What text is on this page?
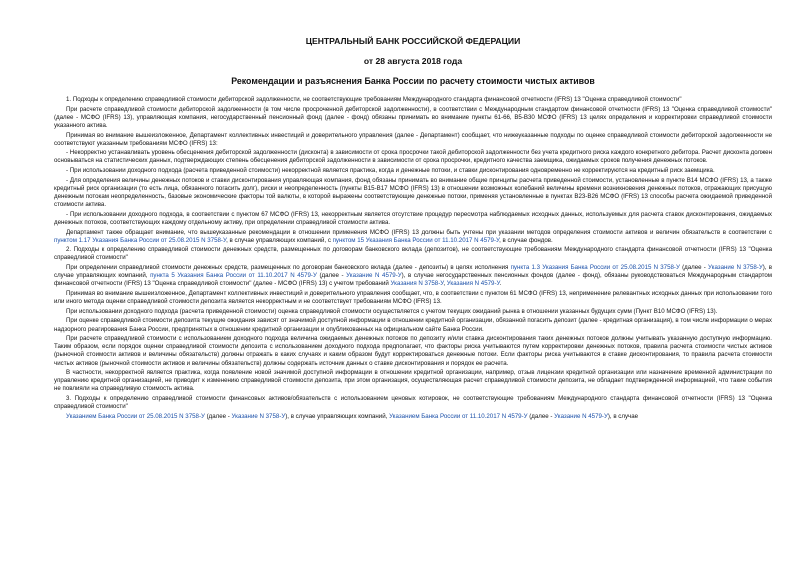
ЦЕНТРАЛЬНЫЙ БАНК РОССИЙСКОЙ ФЕДЕРАЦИИ
от 28 августа 2018 года
Рекомендации и разъяснения Банка России по расчету стоимости чистых активов

1. Подходы к определению справедливой стоимости дебиторской задолженности, не соответствующие требованиям Международного стандарта финансовой отчетности (IFRS) 13 "Оценка справедливой стоимости"

При расчете справедливой стоимости дебиторской задолженности (в том числе просроченной дебиторской задолженности), в соответствии с Международным стандартом финансовой отчетности (IFRS) 13 "Оценка справедливой стоимости" (далее - МСФО (IFRS) 13), управляющая компания, негосударственный пенсионный фонд (далее - фонд) обязаны принимать во внимание пункты 61-66, B5-B30 МСФО (IFRS) 13 целях определения и корректировки справедливой стоимости указанного актива.

Принимая во внимание вышеизложенное, Департамент коллективных инвестиций и доверительного управления (далее - Департамент) сообщает, что нижеуказанные подходы по оценке справедливой стоимости дебиторской задолженности не соответствуют указанным требованиям МСФО (IFRS) 13:

- Некорректно устанавливать уровень обесценения дебиторской задолженности (дисконта) в зависимости от срока просрочки такой дебиторской задолженности без учета кредитного риска каждого конкретного дебитора. Расчет дисконта должен основываться на статистических данных, подтверждающих степень обесценения дебиторской задолженности в зависимости от срока просрочки, кредитного качества заемщика, ожидаемых сроков получения денежных потоков.

- При использовании доходного подхода (расчета приведенной стоимости) некорректной является практика, когда и денежные потоки, и ставки дисконтирования одновременно не корректируются на кредитный риск заемщика.

- Для определения величины денежных потоков и ставки дисконтирования управляющая компания, фонд обязаны принимать во внимание общие принципы расчета приведенной стоимости, установленные в пункте B14 МСФО (IFRS) 13, а также кредитный риск организации (то есть лица, обязанного погасить долг), риски и неопределенность (пункты B15-B17 МСФО (IFRS) 13) в отношении возможных колебаний величины времени возникновения денежных потоков, отражающих присущую денежным потокам неопределенность, базовые экономические факторы той валюты, в которой выражены соответствующие денежные потоки, применяя установленные в пунктах B23-B26 МСФО (IFRS) 13 способы расчета ожидаемой приведенной стоимости актива.

- При использовании доходного подхода, в соответствии с пунктом 67 МСФО (IFRS) 13, некорректным является отсутствие процедур пересмотра наблюдаемых исходных данных, используемых для расчета ставок дисконтирования, ожидаемых денежных потоков, соответствующих каждому отдельному активу, при определении справедливой стоимости актива.

Департамент также обращает внимание, что вышеуказанные рекомендации в отношении применения МСФО (IFRS) 13 должны быть учтены при указании методов определения стоимости активов и величин обязательств в соответствии с пунктом 1.17 Указания Банка России от 25.08.2015 N 3758-У, в случае управляющих компаний, с пунктом 15 Указания Банка России от 11.10.2017 N 4579-У, в случае фондов.

2. Подходы к определению справедливой стоимости денежных средств, размещенных по договорам банковского вклада (депозитов), не соответствующие требованиям Международного стандарта финансовой отчетности (IFRS) 13 "Оценка справедливой стоимости"

При определении справедливой стоимости денежных средств, размещенных по договорам банковского вклада (далее - депозиты) в целях исполнения пункта 1.3 Указания Банка России от 25.08.2015 N 3758-У (далее - Указание N 3758-У), в случае управляющих компаний, пункта 5 Указания Банка России от 11.10.2017 N 4579-У (далее - Указание N 4579-У), в случае негосударственных пенсионных фондов (далее - фонд), обязаны руководствоваться Международным стандартом финансовой отчетности (IFRS) 13 "Оценка справедливой стоимости" (далее - МСФО (IFRS) 13) с учетом требований Указания N 3758-У, Указания N 4579-У.

Принимая во внимание вышеизложенное, Департамент коллективных инвестиций и доверительного управления сообщает, что, в соответствии с пунктом 61 МСФО (IFRS) 13, неприменение релевантных исходных данных при использовании того или иного метода оценки справедливой стоимости депозита является некорректным и не соответствует требованиям МСФО (IFRS) 13.

При использовании доходного подхода (расчета приведенной стоимости) оценка справедливой стоимости осуществляется с учетом текущих ожиданий рынка в отношении указанных будущих сумм (Пункт B10 МСФО (IFRS) 13).

При оценке справедливой стоимости депозита текущие ожидания зависят от значимой доступной информации в отношении кредитной организации, обязанной погасить депозит (далее - кредитная организация), в том числе информации о мерах надзорного реагирования Банка России, предпринятых в отношении кредитной организации и опубликованных на официальном сайте Банка России.

При расчете справедливой стоимости с использованием доходного подхода величина ожидаемых денежных потоков по депозиту и/или ставка дисконтирования таких денежных потоков должны учитывать указанную доступную информацию. Таким образом, если порядок оценки справедливой стоимости депозита с использованием доходного подхода предполагает, что факторы риска учитываются путем корректировки денежных потоков, правила расчета стоимости чистых активов (рыночной стоимости активов и величины обязательств) должны отражать в каких случаях и каким образом будут корректироваться денежные потоки. Если факторы риска учитываются в ставке дисконтирования, то правила расчета стоимости чистых активов (рыночной стоимости активов и величины обязательств) должны содержать источник данных о ставке дисконтирования и порядок ее расчета.

В частности, некорректной является практика, когда появление новой значимой доступной информации в отношении кредитной организации, например, отзыв лицензии кредитной организации или назначение временной администрации по управлению кредитной организацией, не приводит к изменению справедливой стоимости депозита, при этом организация, осуществляющая расчет справедливой стоимости депозита, не обладает подтвержденной информацией, что такие события не повлияли на справедливую стоимость актива.

3. Подходы к определению справедливой стоимости финансовых активов/обязательств с использованием ценовых котировок, не соответствующие требованиям Международного стандарта финансовой отчетности (IFRS) 13 "Оценка справедливой стоимости"

Указанием Банка России от 25.08.2015 N 3758-У (далее - Указание N 3758-У), в случае управляющих компаний, Указанием Банка России от 11.10.2017 N 4579-У (далее - Указание N 4579-У), в случае
